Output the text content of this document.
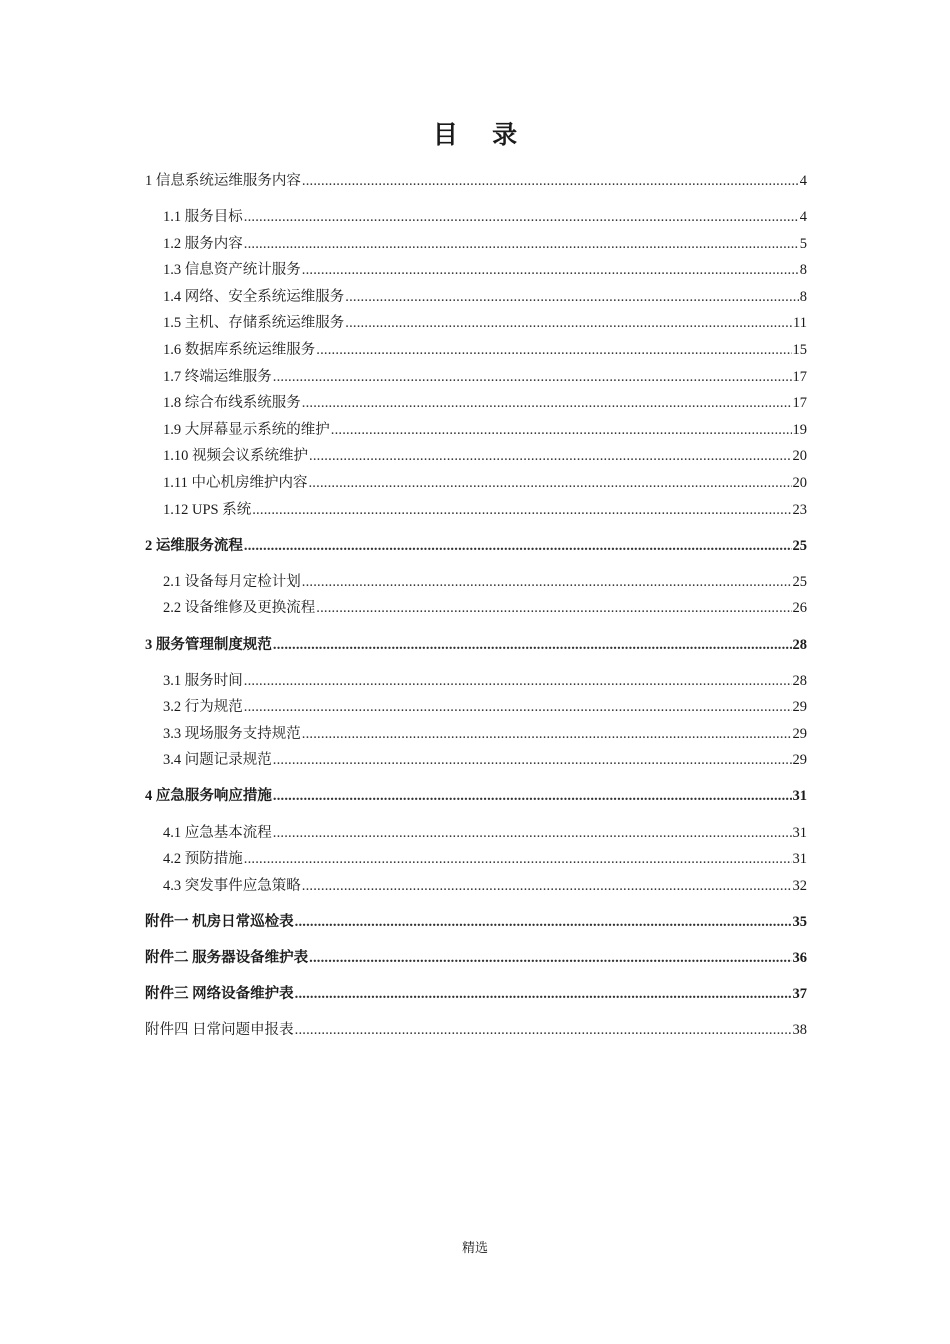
目 录
1 信息系统运维服务内容 .....	4
1.1 服务目标 .....	4
1.2 服务内容 .....	5
1.3 信息资产统计服务 .....	8
1.4 网络、安全系统运维服务 .....	8
1.5 主机、存储系统运维服务 .....	11
1.6 数据库系统运维服务 .....	15
1.7 终端运维服务 .....	17
1.8 综合布线系统服务 .....	17
1.9 大屏幕显示系统的维护 .....	19
1.10 视频会议系统维护 .....	20
1.11 中心机房维护内容 .....	20
1.12 UPS 系统 .....	23
2 运维服务流程 .....	25
2.1 设备每月定检计划 .....	25
2.2 设备维修及更换流程 .....	26
3 服务管理制度规范 .....	28
3.1 服务时间 .....	28
3.2 行为规范 .....	29
3.3 现场服务支持规范 .....	29
3.4 问题记录规范 .....	29
4 应急服务响应措施 .....	31
4.1 应急基本流程 .....	31
4.2 预防措施 .....	31
4.3 突发事件应急策略 .....	32
附件一 机房日常巡检表 .....	35
附件二 服务器设备维护表 .....	36
附件三 网络设备维护表 .....	37
附件四 日常问题申报表 .....	38
精选
